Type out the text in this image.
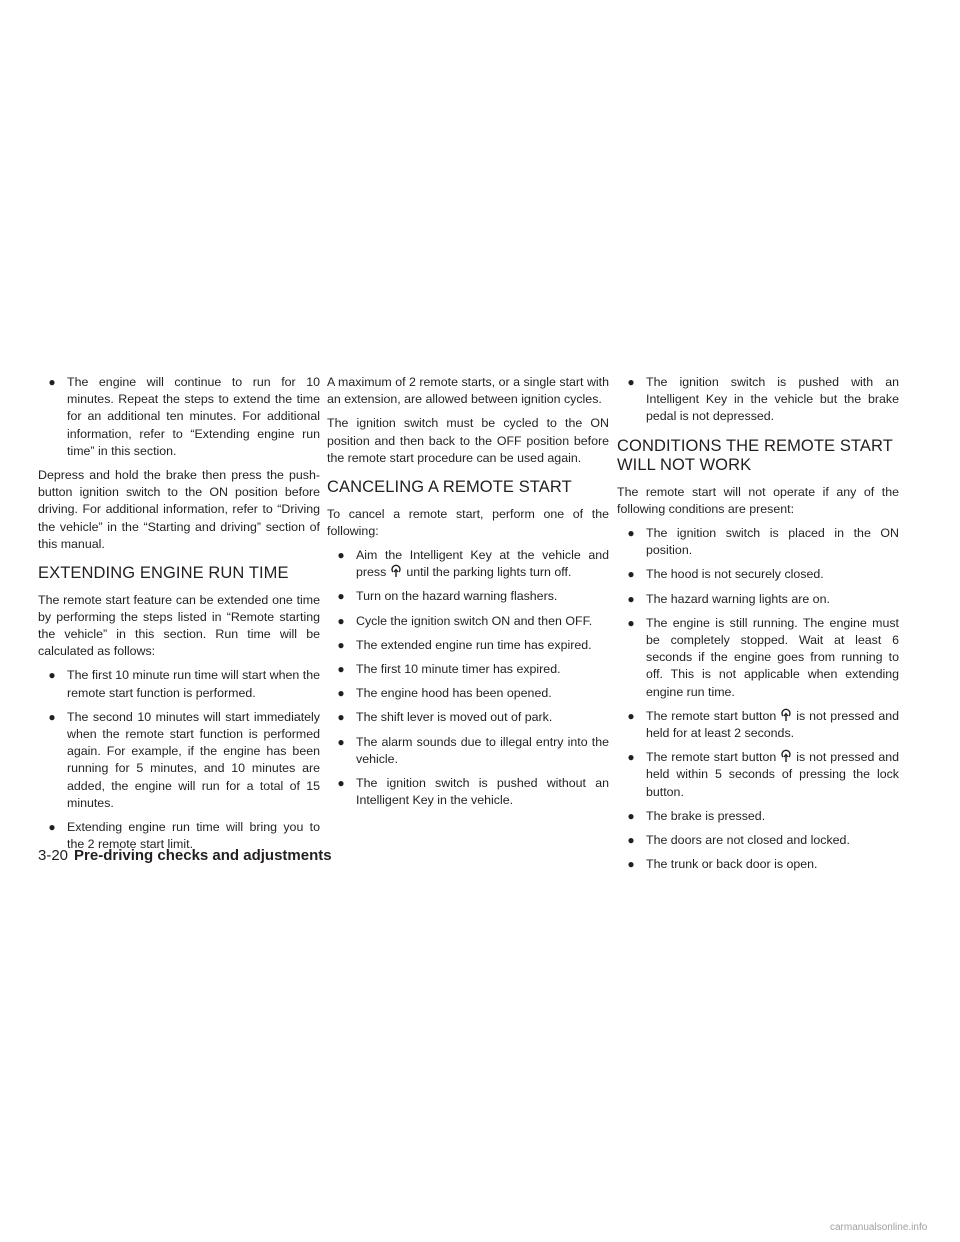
● The engine will continue to run for 10 minutes. Repeat the steps to extend the time for an additional ten minutes. For additional information, refer to “Extending engine run time” in this section.

Depress and hold the brake then press the push-button ignition switch to the ON position before driving. For additional information, refer to “Driving the vehicle” in the “Starting and driving” section of this manual.

EXTENDING ENGINE RUN TIME

The remote start feature can be extended one time by performing the steps listed in “Remote starting the vehicle” in this section. Run time will be calculated as follows:

● The first 10 minute run time will start when the remote start function is performed.
● The second 10 minutes will start immediately when the remote start function is performed again. For example, if the engine has been running for 5 minutes, and 10 minutes are added, the engine will run for a total of 15 minutes.
● Extending engine run time will bring you to the 2 remote start limit.

A maximum of 2 remote starts, or a single start with an extension, are allowed between ignition cycles.

The ignition switch must be cycled to the ON position and then back to the OFF position before the remote start procedure can be used again.

CANCELING A REMOTE START

To cancel a remote start, perform one of the following:

● Aim the Intelligent Key at the vehicle and press until the parking lights turn off.
● Turn on the hazard warning flashers.
● Cycle the ignition switch ON and then OFF.
● The extended engine run time has expired.
● The first 10 minute timer has expired.
● The engine hood has been opened.
● The shift lever is moved out of park.
● The alarm sounds due to illegal entry into the vehicle.
● The ignition switch is pushed without an Intelligent Key in the vehicle.
● The ignition switch is pushed with an Intelligent Key in the vehicle but the brake pedal is not depressed.
CONDITIONS THE REMOTE START WILL NOT WORK

The remote start will not operate if any of the following conditions are present:

● The ignition switch is placed in the ON position.
● The hood is not securely closed.
● The hazard warning lights are on.
● The engine is still running. The engine must be completely stopped. Wait at least 6 seconds if the engine goes from running to off. This is not applicable when extending engine run time.
● The remote start button is not pressed and held for at least 2 seconds.
● The remote start button is not pressed and held within 5 seconds of pressing the lock button.
● The brake is pressed.
● The doors are not closed and locked.
● The trunk or back door is open.
3-20 Pre-driving checks and adjustments
carmanualsonline.info
